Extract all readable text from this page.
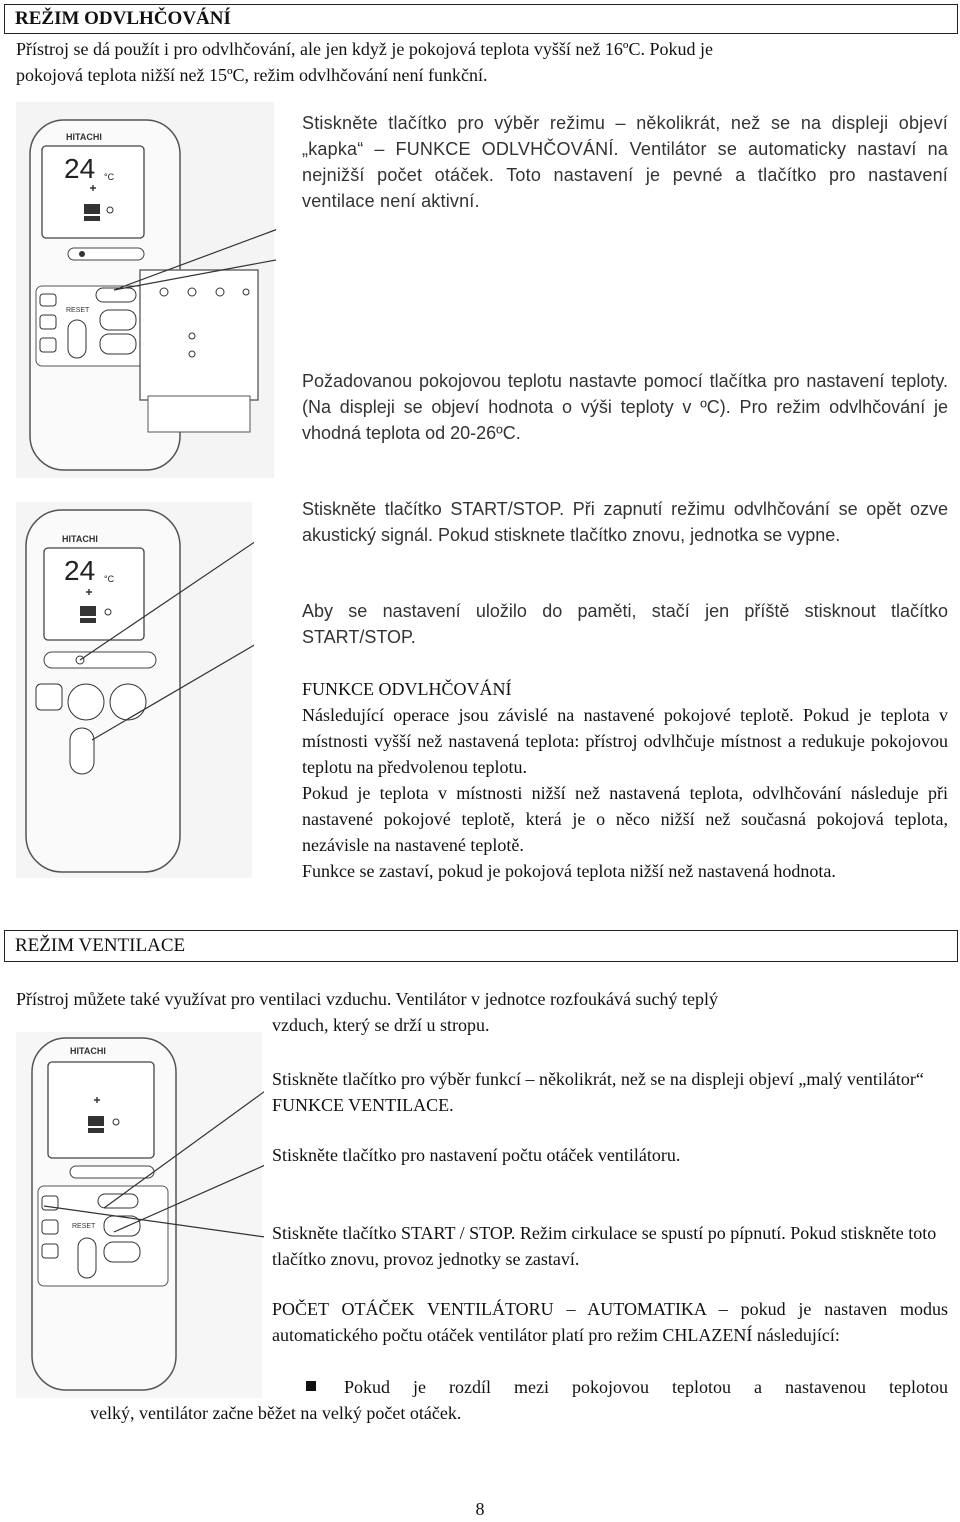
REŽIM ODVLHČOVÁNÍ
Přístroj se dá použít i pro odvlhčování, ale jen když je pokojová teplota vyšší než 16ºC. Pokud je
pokojová teplota nižší než 15ºC, režim odvlhčování není funkční.
HITACHI
24 °C
RESET
Stiskněte tlačítko pro výběr režimu – několikrát, než se na displeji objeví „kapka“ – FUNKCE ODLVHČOVÁNÍ. Ventilátor se automaticky nastaví na nejnižší počet otáček. Toto nastavení je pevné a tlačítko pro nastavení ventilace není aktivní.
Požadovanou pokojovou teplotu nastavte pomocí tlačítka pro nastavení teploty. (Na displeji se objeví hodnota o výši teploty v ºC). Pro režim odvlhčování je vhodná teplota od 20-26ºC.
HITACHI
24 °C
Stiskněte tlačítko START/STOP. Při zapnutí režimu odvlhčování se opět ozve akustický signál. Pokud stisknete tlačítko znovu, jednotka se vypne.
Aby se nastavení uložilo do paměti, stačí jen příště stisknout tlačítko START/STOP.
FUNKCE ODVLHČOVÁNÍ
Následující operace jsou závislé na nastavené pokojové teplotě. Pokud je teplota v místnosti vyšší než nastavená teplota: přístroj odvlhčuje místnost a redukuje pokojovou teplotu na předvolenou teplotu.
Pokud je teplota v místnosti nižší než nastavená teplota, odvlhčování následuje při nastavené pokojové teplotě, která je o něco nižší než současná pokojová teplota, nezávisle na nastavené teplotě.
Funkce se zastaví, pokud je pokojová teplota nižší než nastavená hodnota.
REŽIM VENTILACE
Přístroj můžete také využívat pro ventilaci vzduchu. Ventilátor v jednotce rozfoukává suchý teplý
vzduch, který se drží u stropu.
HITACHI
RESET
Stiskněte tlačítko pro výběr funkcí – několikrát, než se na displeji objeví „malý ventilátor“ FUNKCE VENTILACE.
Stiskněte tlačítko pro nastavení počtu otáček ventilátoru.
Stiskněte tlačítko START / STOP. Režim cirkulace se spustí po pípnutí. Pokud stiskněte toto tlačítko znovu, provoz jednotky se zastaví.
POČET OTÁČEK VENTILÁTORU – AUTOMATIKA – pokud je nastaven modus automatického počtu otáček ventilátor platí pro režim CHLAZENÍ následující:
Pokud je rozdíl mezi pokojovou teplotou a nastavenou teplotou
velký, ventilátor začne běžet na velký počet otáček.
8
